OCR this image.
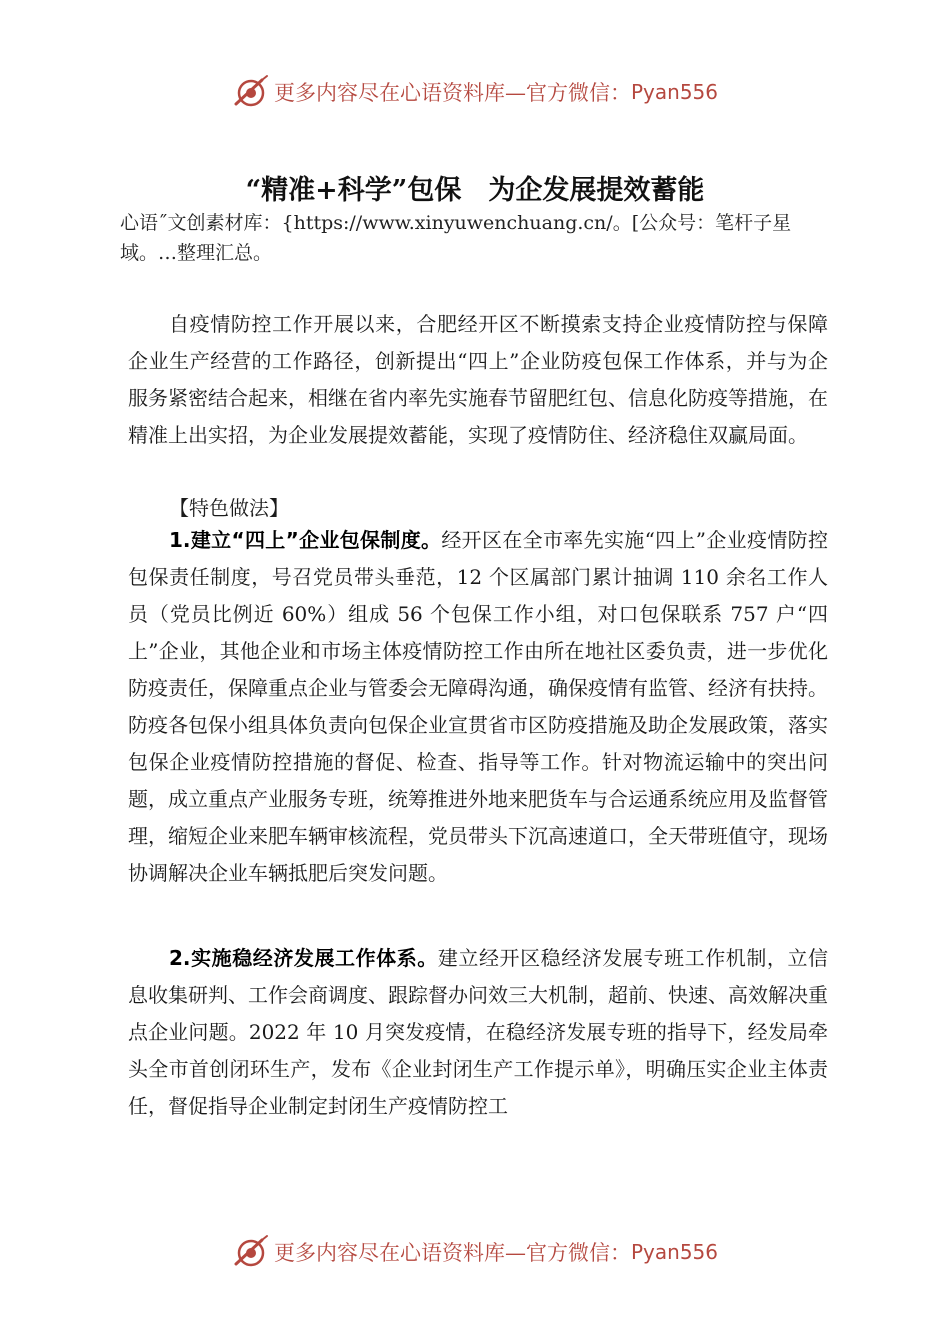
更多内容尽在心语资料库—官方微信： Pyan556
“精准+科学”包保　为企发展提效蓄能
心语˝文创素材库：{https://www.xinyuwenchuang.cn/。[公众号：笔杆子星域。…整理汇总。
自疫情防控工作开展以来，合肥经开区不断摸索支持企业疫情防控与保障企业生产经营的工作路径，创新提出“四上”企业防疫包保工作体系，并与为企服务紧密结合起来，相继在省内率先实施春节留肥红包、信息化防疫等措施，在精准上出实招，为企业发展提效蓄能，实现了疫情防住、经济稳住双赢局面。
【特色做法】
1.建立“四上”企业包保制度。经开区在全市率先实施“四上”企业疫情防控包保责任制度，号召党员带头垂范，12 个区属部门累计抽调 110 余名工作人员（党员比例近 60%）组成 56 个包保工作小组，对口包保联系 757 户“四上”企业，其他企业和市场主体疫情防控工作由所在地社区委负责，进一步优化防疫责任，保障重点企业与管委会无障碍沟通，确保疫情有监管、经济有扶持。防疫各包保小组具体负责向包保企业宣贯省市区防疫措施及助企发展政策，落实包保企业疫情防控措施的督促、检查、指导等工作。针对物流运输中的突出问题，成立重点产业服务专班，统筹推进外地来肥货车与合运通系统应用及监督管理，缩短企业来肥车辆审核流程，党员带头下沉高速道口，全天带班值守，现场协调解决企业车辆抵肥后突发问题。
2.实施稳经济发展工作体系。建立经开区稳经济发展专班工作机制，立信息收集研判、工作会商调度、跟踪督办问效三大机制，超前、快速、高效解决重点企业问题。2022 年 10 月突发疫情，在稳经济发展专班的指导下，经发局牵头全市首创闭环生产，发布《企业封闭生产工作提示单》，明确压实企业主体责任，督促指导企业制定封闭生产疫情防控工
更多内容尽在心语资料库—官方微信： Pyan556
